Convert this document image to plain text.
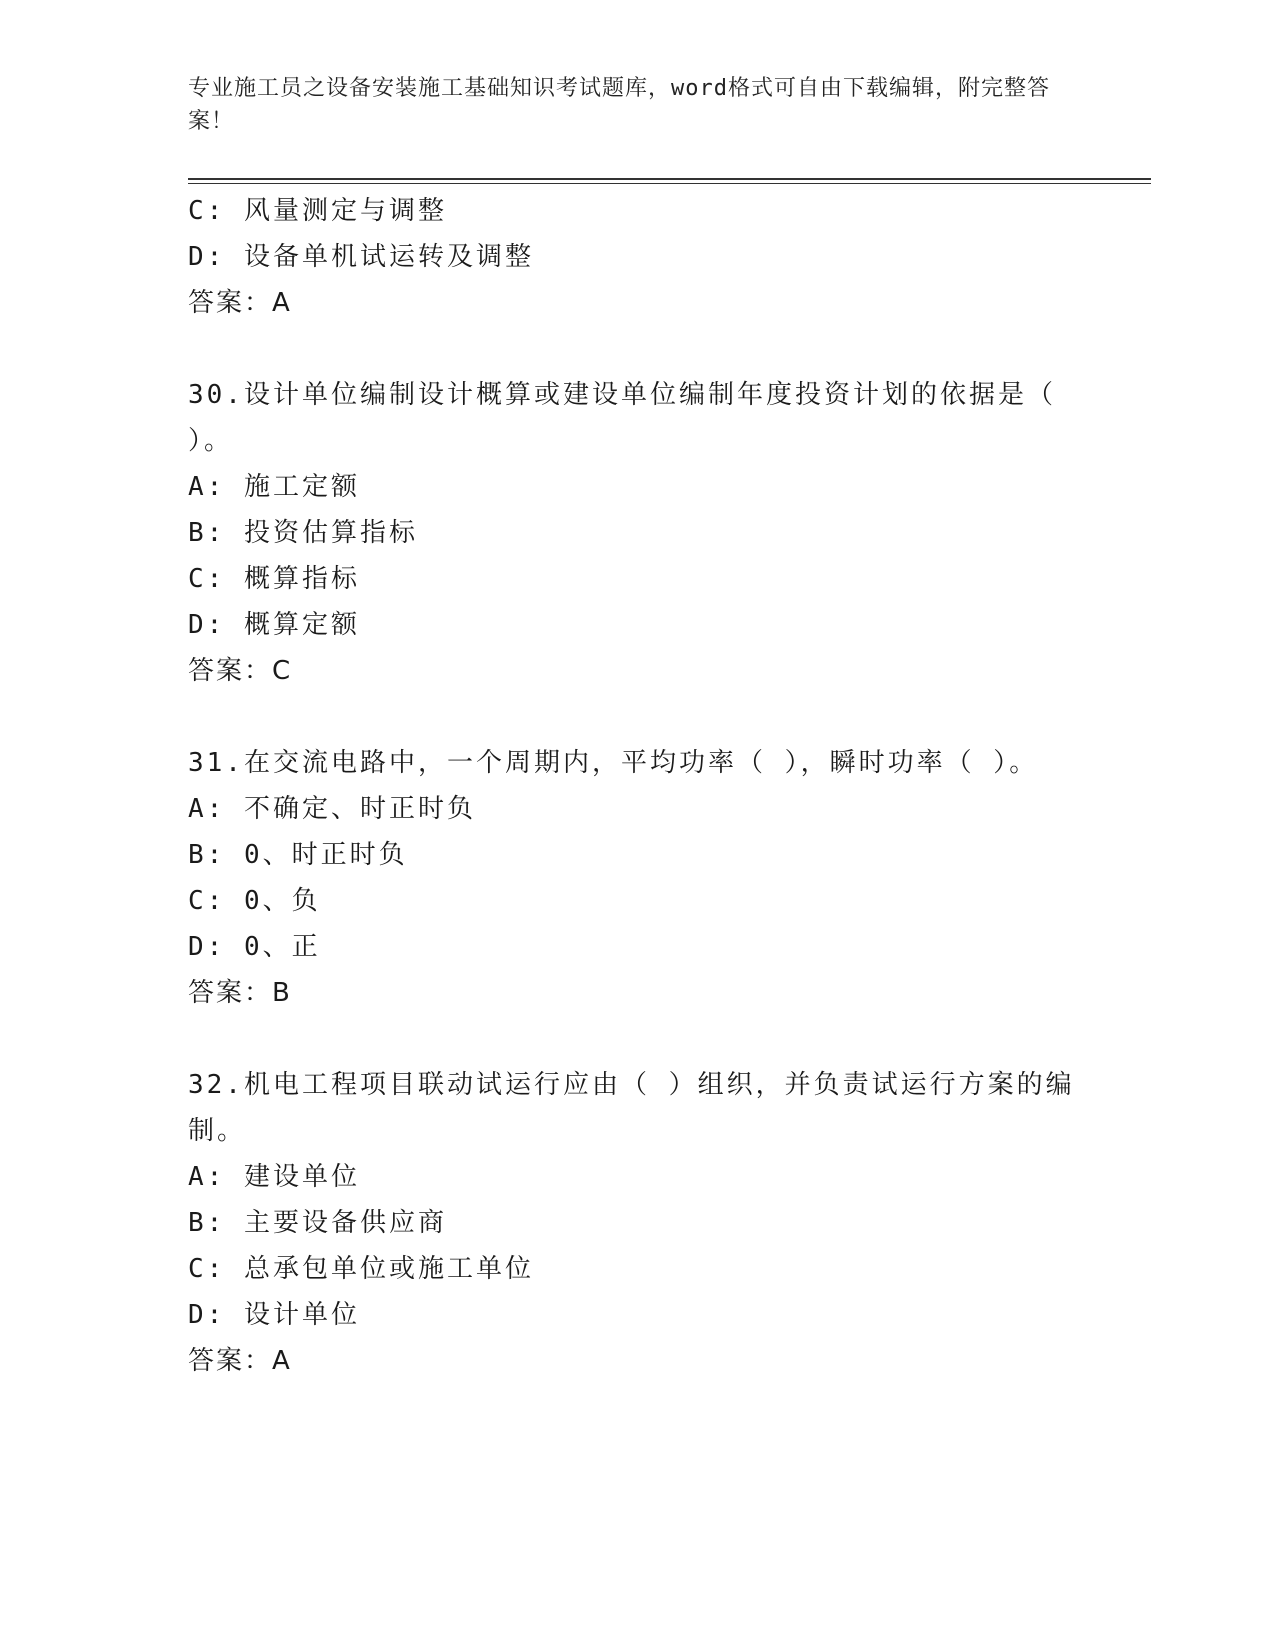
专业施工员之设备安装施工基础知识考试题库，word格式可自由下载编辑，附完整答案！
C: 风量测定与调整
D: 设备单机试运转及调整
答案：A
30.设计单位编制设计概算或建设单位编制年度投资计划的依据是（
）。
A: 施工定额
B: 投资估算指标
C: 概算指标
D: 概算定额
答案：C
31.在交流电路中，一个周期内，平均功率（ ），瞬时功率（ ）。
A: 不确定、时正时负
B: 0、时正时负
C: 0、负
D: 0、正
答案：B
32.机电工程项目联动试运行应由（ ）组织，并负责试运行方案的编
制。
A: 建设单位
B: 主要设备供应商
C: 总承包单位或施工单位
D: 设计单位
答案：A
